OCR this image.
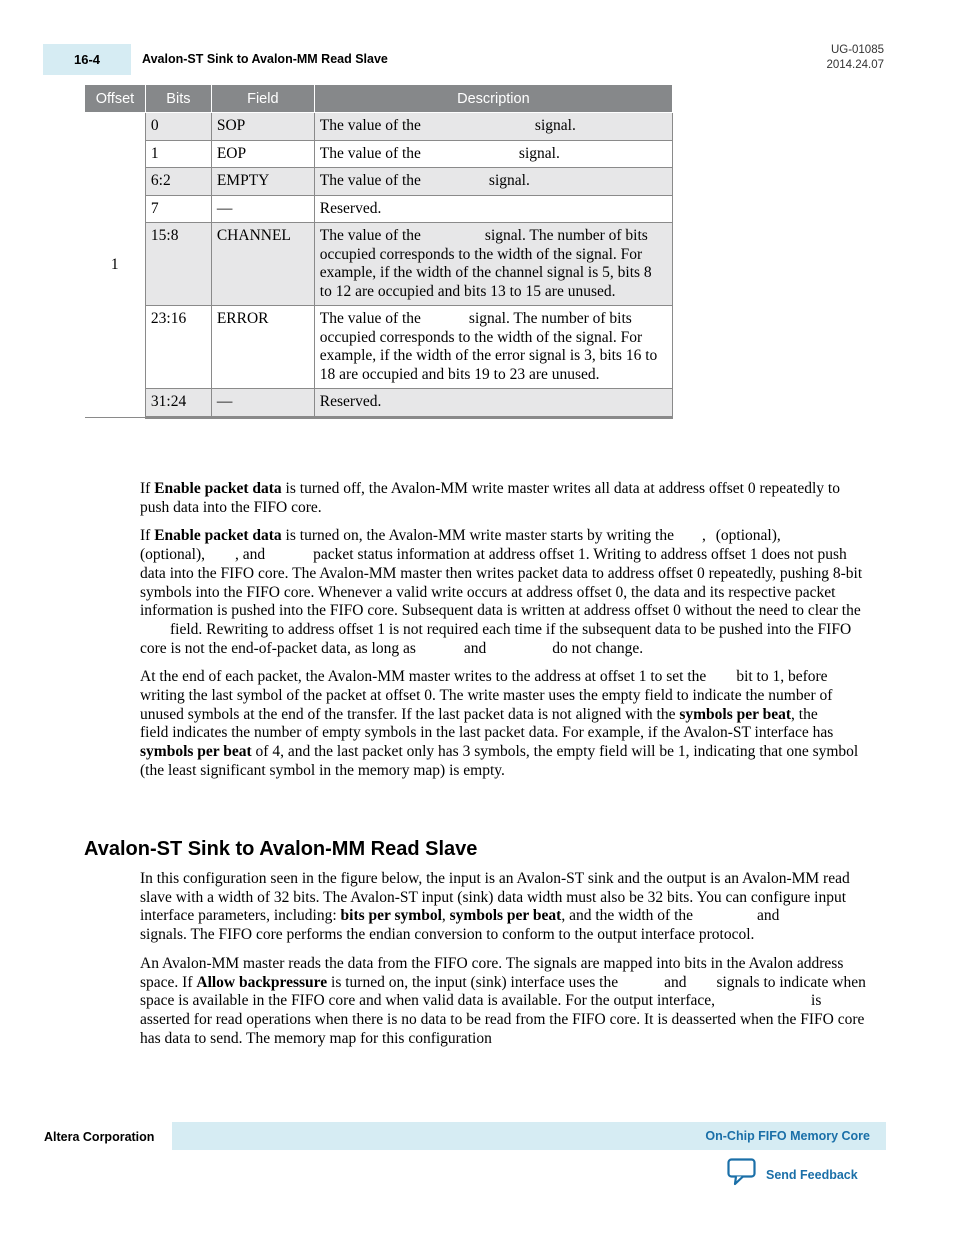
16-4	Avalon-ST Sink to Avalon-MM Read Slave
UG-01085
2014.24.07
Offset	Bits	Field	Description
1	0	SOP	The value of the signal.
	1	EOP	The value of the signal.
	6:2	EMPTY	The value of the signal.
	7	—	Reserved.
	15:8	CHANNEL	The value of the signal. The number of bits occupied corresponds to the width of the signal. For example, if the width of the channel signal is 5, bits 8 to 12 are occupied and bits 13 to 15 are unused.
	23:16	ERROR	The value of the signal. The number of bits occupied corresponds to the width of the signal. For example, if the width of the error signal is 3, bits 16 to 18 are occupied and bits 19 to 23 are unused.
	31:24	—	Reserved.

If Enable packet data is turned off, the Avalon-MM write master writes all data at address offset 0 repeatedly to push data into the FIFO core.

If Enable packet data is turned on, the Avalon-MM write master starts by writing the , (optional),(optional), , and	packet status information at address offset 1. Writing to address offset 1 does not push data into the FIFO core. The Avalon-MM master then writes packet data to address offset 0 repeatedly, pushing 8-bit symbols into the FIFO core. Whenever a valid write occurs at address offset 0, the data and its respective packet information is pushed into the FIFO core. Subsequent data is written at address offset 0 without the need to clear thefield. Rewriting to address offset 1 is not required each time if the subsequent data to be pushed into the FIFO core is not the end-of-packet data, as long as	and	do not change.

At the end of each packet, the Avalon-MM master writes to the address at offset 1 to set the bit to 1, before writing the last symbol of the packet at offset 0. The write master uses the empty field to indicate the number of unused symbols at the end of the transfer. If the last packet data is not aligned with the symbols per beat, thefield indicates the number of empty symbols in the last packet data. For example, if the Avalon-ST interface has symbols per beat of 4, and the last packet only has 3 symbols, the empty field will be 1, indicating that one symbol (the least significant symbol in the memory map) is empty.

Avalon-ST Sink to Avalon-MM Read Slave

In this configuration seen in the figure below, the input is an Avalon-ST sink and the output is an Avalon-MM read slave with a width of 32 bits. The Avalon-ST input (sink) data width must also be 32 bits. You can configure input interface parameters, including: bits per symbol, symbols per beat, and the width of the	andsignals. The FIFO core performs the endian conversion to conform to the output interface protocol.

An Avalon-MM master reads the data from the FIFO core. The signals are mapped into bits in the Avalon address space. If Allow backpressure is turned on, the input (sink) interface uses the	and signals to indicate when space is available in the FIFO core and when valid data is available. For the output interface,	is asserted for read operations when there is no data to be read from the FIFO core. It is deasserted when the FIFO core has data to send. The memory map for this configuration

Altera Corporation	On-Chip FIFO Memory Core
Send Feedback
